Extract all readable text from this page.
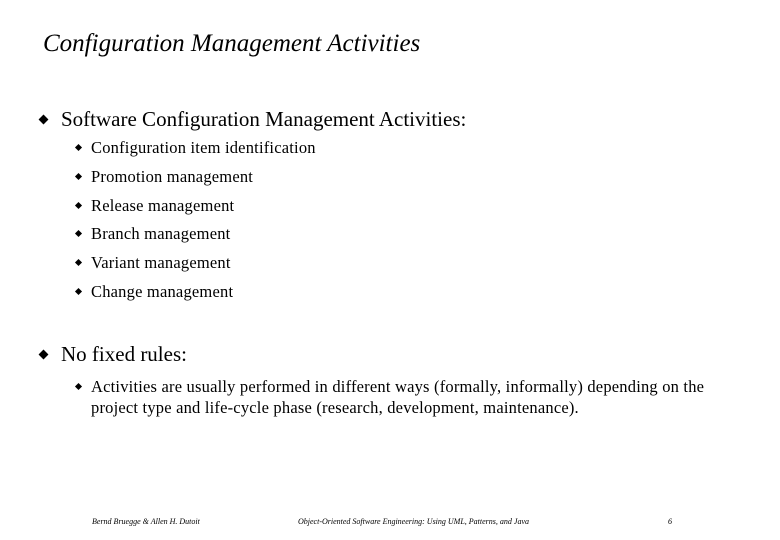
Configuration Management Activities
Software Configuration Management Activities:
Configuration item identification
Promotion management
Release management
Branch management
Variant management
Change management
No fixed rules:
Activities are usually performed in different ways (formally, informally) depending on the project type and life-cycle phase (research, development, maintenance).
Bernd Bruegge & Allen H. Dutoit	Object-Oriented Software Engineering: Using UML, Patterns, and Java	6
